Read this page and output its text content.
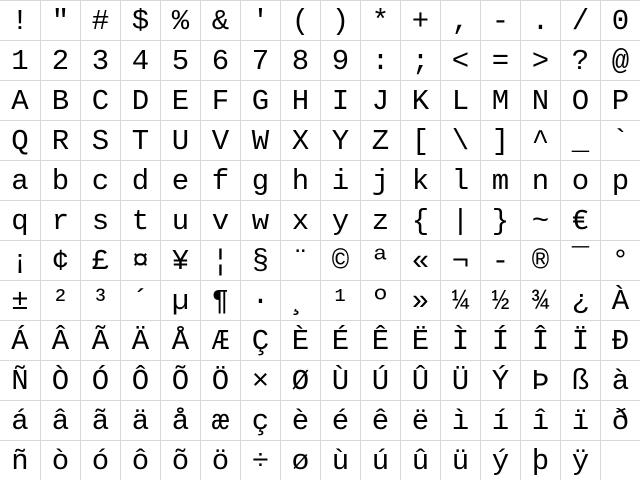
! " # $ % & ' ( ) * + , - . / 0
1 2 3 4 5 6 7 8 9 : ; < = > ? @
A B C D E F G H I J K L M N O P
Q R S T U V W X Y Z [ \ ] ^ _ `
a b c d e f g h i j k l m n o p
q r s t u v w x y z { | } ~ €
¡ ¢ £ ¤ ¥ ¦ § ¨ © ª « ¬ - ® ¯ °
± ² ³ ´ µ ¶ · ¸ ¹ º » ¼ ½ ¾ ¿ À
Á Â Ã Ä Å Æ Ç È É Ê Ë Ì Í Î Ï Ð
Ñ Ò Ó Ô Õ Ö × Ø Ù Ú Û Ü Ý Þ ß à
á â ã ä å æ ç è é ê ë ì í î ï ð
ñ ò ó ô õ ö ÷ ø ù ú û ü ý þ ÿ
